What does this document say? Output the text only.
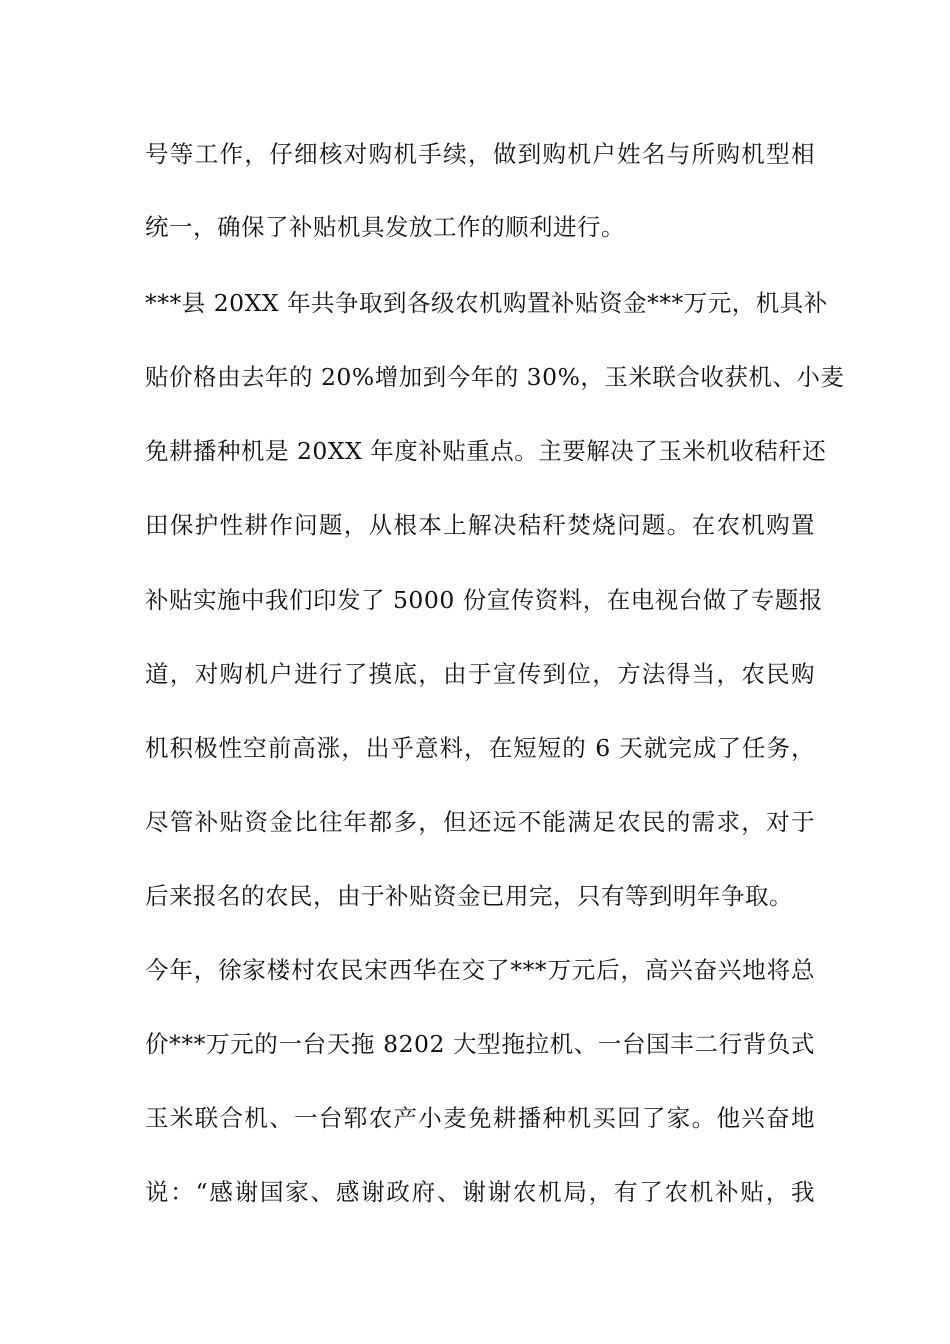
号等工作，仔细核对购机手续，做到购机户姓名与所购机型相
统一，确保了补贴机具发放工作的顺利进行。
***县 20XX 年共争取到各级农机购置补贴资金***万元，机具补
贴价格由去年的 20%增加到今年的 30%，玉米联合收获机、小麦
免耕播种机是 20XX 年度补贴重点。主要解决了玉米机收秸秆还
田保护性耕作问题，从根本上解决秸秆焚烧问题。在农机购置
补贴实施中我们印发了 5000 份宣传资料，在电视台做了专题报
道，对购机户进行了摸底，由于宣传到位，方法得当，农民购
机积极性空前高涨，出乎意料，在短短的 6 天就完成了任务，
尽管补贴资金比往年都多，但还远不能满足农民的需求，对于
后来报名的农民，由于补贴资金已用完，只有等到明年争取。
今年，徐家楼村农民宋西华在交了***万元后，高兴奋兴地将总
价***万元的一台天拖 8202 大型拖拉机、一台国丰二行背负式
玉米联合机、一台郓农产小麦免耕播种机买回了家。他兴奋地
说：“感谢国家、感谢政府、谢谢农机局，有了农机补贴，我
